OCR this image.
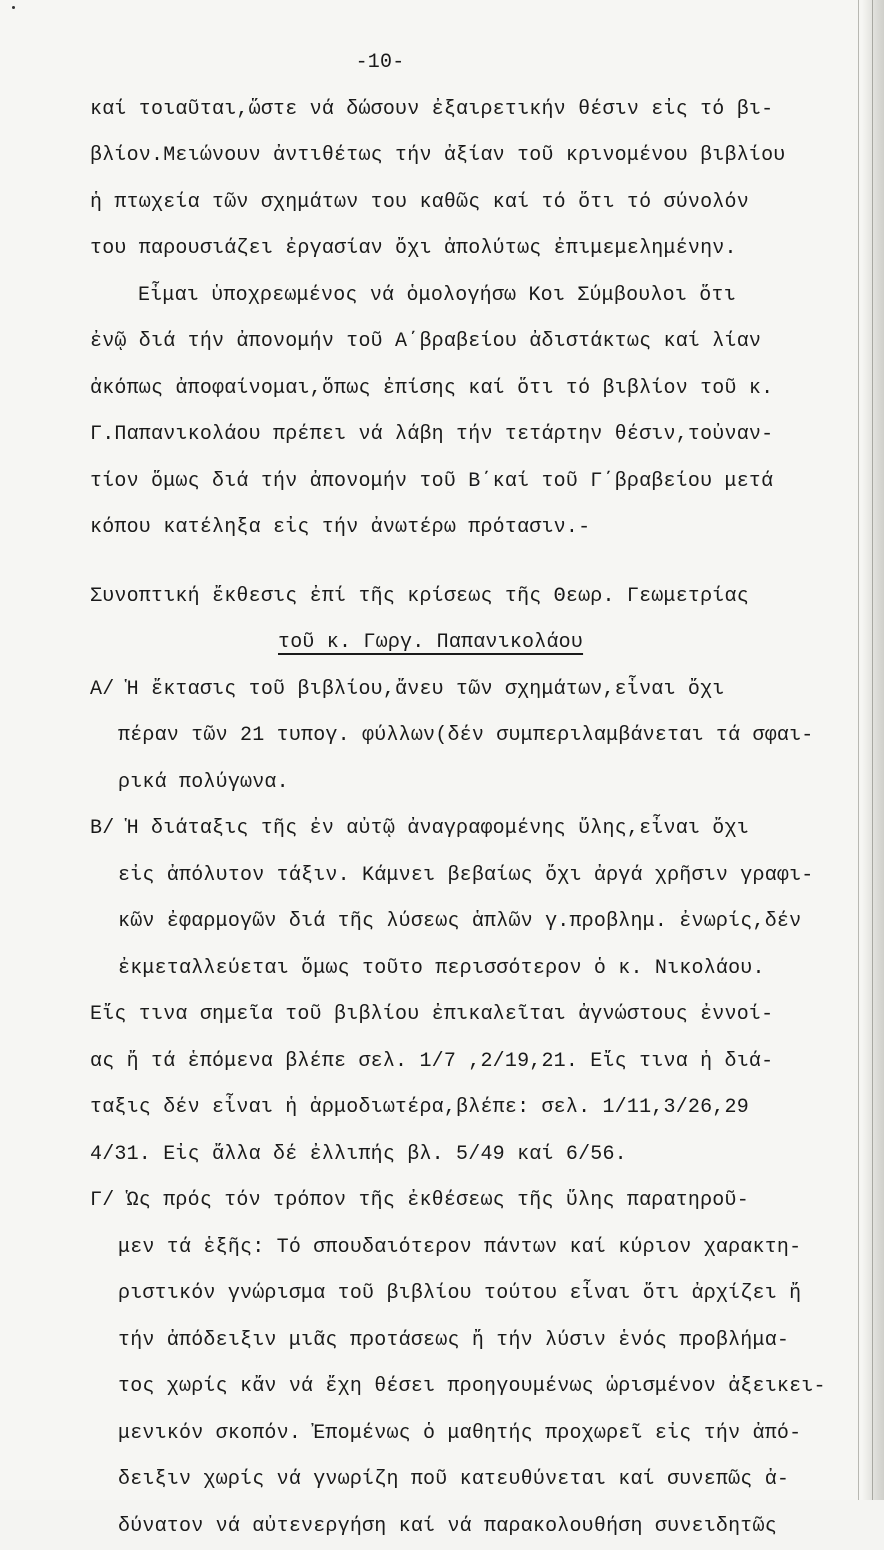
-10-
καί τοιαῦται,ὥστε νά δώσουν ἐξαιρετικήν θέσιν εἰς τό βι-
βλίον.Μειώνουν ἀντιθέτως τήν ἀξίαν τοῦ κρινομένου βιβλίου
ἡ πτωχεία τῶν σχημάτων του καθῶς καί τό ὅτι τό σύνολόν
του παρουσιάζει ἐργασίαν ὄχι ἀπολύτως ἐπιμεμελημένην.
Εἶμαι ὑποχρεωμένος νά ὁμολογήσω Κοι Σύμβουλοι ὅτι
ἐνῷ διά τήν ἀπονομήν τοῦ Α΄βραβείου ἀδιστάκτως καί λίαν
ἀκόπως ἀποφαίνομαι,ὅπως ἐπίσης καί ὅτι τό βιβλίον τοῦ κ.
Γ.Παπανικολάου πρέπει νά λάβη τήν τετάρτην θέσιν,τοὐναν-
τίον ὅμως διά τήν ἀπονομήν τοῦ Β΄καί τοῦ Γ΄βραβείου μετά
κόπου κατέληξα εἰς τήν ἀνωτέρω πρότασιν.-
Συνοπτική ἔκθεσις ἐπί τῆς κρίσεως τῆς Θεωρ. Γεωμετρίας
τοῦ κ. Γωργ. Παπανικολάου
Α/ Ἡ ἔκτασις τοῦ βιβλίου,ἄνευ τῶν σχημάτων,εἶναι ὄχι
πέραν τῶν 21 τυπογ. φύλλων(δέν συμπεριλαμβάνεται τά σφαι-
ρικά πολύγωνα.
Β/ Ἡ διάταξις τῆς ἐν αὐτῷ ἀναγραφομένης ὕλης,εἶναι ὄχι
εἰς ἀπόλυτον τάξιν. Κάμνει βεβαίως ὄχι ἀργά χρῆσιν γραφι-
κῶν ἐφαρμογῶν διά τῆς λύσεως ἁπλῶν γ.προβλημ. ἐνωρίς,δέν
ἐκμεταλλεύεται ὅμως τοῦτο περισσότερον ὁ κ. Νικολάου.
Εἴς τινα σημεῖα τοῦ βιβλίου ἐπικαλεῖται ἀγνώστους ἐννοί-
ας ἤ τά ἑπόμενα βλέπε σελ. 1/7 ,2/19,21. Εἴς τινα ἡ διά-
ταξις δέν εἶναι ἡ ἁρμοδιωτέρα,βλέπε: σελ. 1/11,3/26,29
4/31. Εἰς ἄλλα δέ ἐλλιπής βλ. 5/49 καί 6/56.
Γ/ Ὡς πρός τόν τρόπον τῆς ἐκθέσεως τῆς ὕλης παρατηροῦ-
μεν τά ἑξῆς: Τό σπουδαιότερον πάντων καί κύριον χαρακτη-
ριστικόν γνώρισμα τοῦ βιβλίου τούτου εἶναι ὅτι ἀρχίζει ἤ
τήν ἀπόδειξιν μιᾶς προτάσεως ἤ τήν λύσιν ἑνός προβλήμα-
τος χωρίς κἄν νά ἔχη θέσει προηγουμένως ὡρισμένον ἀξεικει-
μενικόν σκοπόν. Ἐπομένως ὁ μαθητής προχωρεῖ εἰς τήν ἀπό-
δειξιν χωρίς νά γνωρίζη ποῦ κατευθύνεται καί συνεπῶς ἀ-
δύνατον νά αὐτενεργήση καί νά παρακολουθήση συνειδητῶς
